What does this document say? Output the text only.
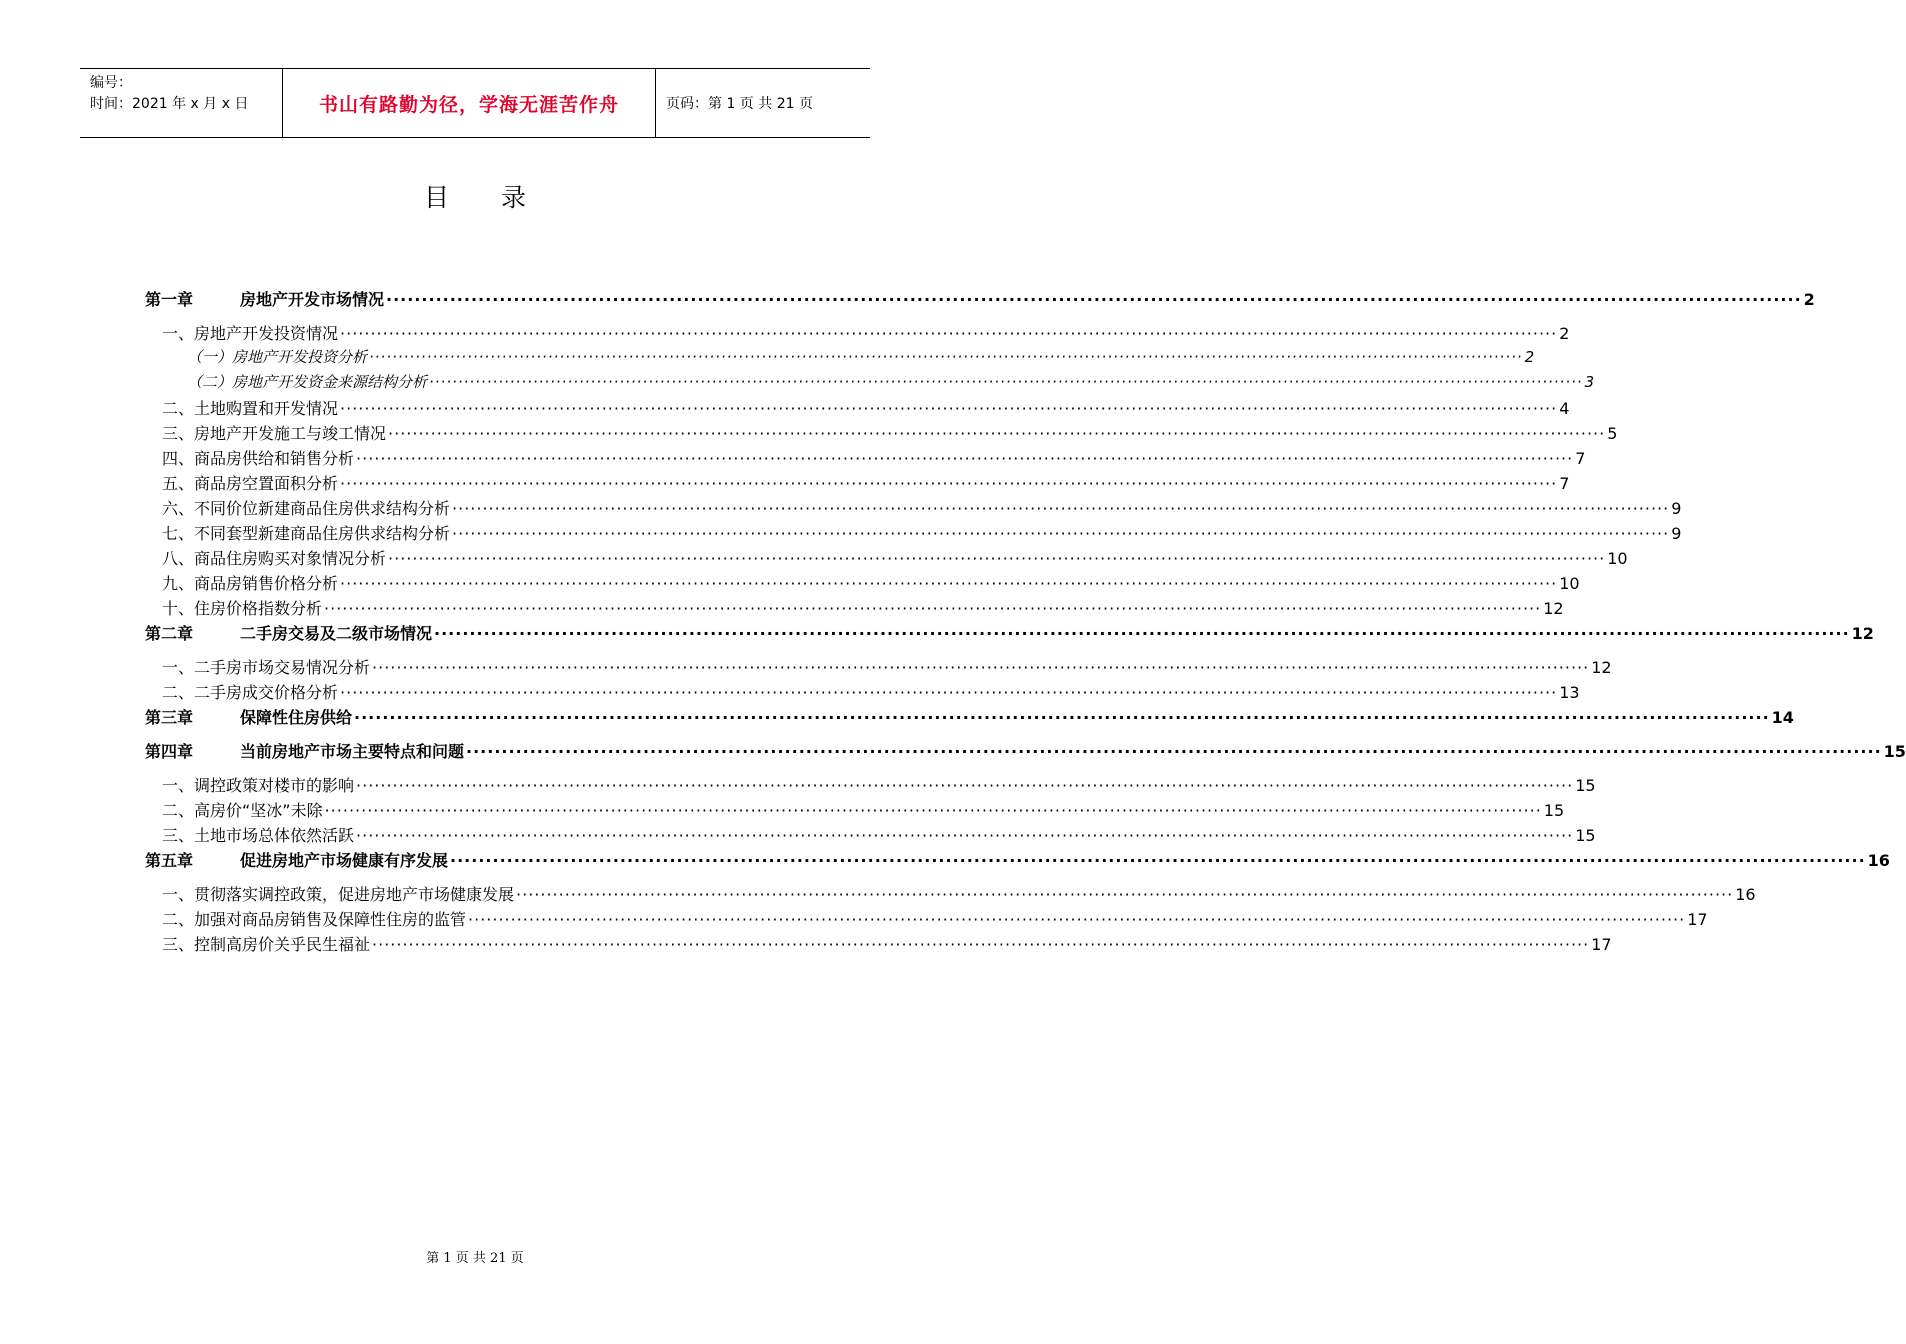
编号：
时间：2021 年 x 月 x 日	书山有路勤为径，学海无涯苦作舟	页码：第 1 页 共 21 页
目录
第一章	房地产开发市场情况 ········································································································································································································ 2
一、房地产开发投资情况 ········································································································································································································ 2
（一）房地产开发投资分析 ········································································································································································································ 2
（二）房地产开发资金来源结构分析 ········································································································································································································ 3
二、土地购置和开发情况 ········································································································································································································ 4
三、房地产开发施工与竣工情况 ········································································································································································································ 5
四、商品房供给和销售分析 ········································································································································································································ 7
五、商品房空置面积分析 ········································································································································································································ 7
六、不同价位新建商品住房供求结构分析 ········································································································································································································ 9
七、不同套型新建商品住房供求结构分析 ········································································································································································································ 9
八、商品住房购买对象情况分析 ········································································································································································································ 10
九、商品房销售价格分析 ········································································································································································································ 10
十、住房价格指数分析 ········································································································································································································ 12
第二章	二手房交易及二级市场情况 ········································································································································································································ 12
一、二手房市场交易情况分析 ········································································································································································································ 12
二、二手房成交价格分析 ········································································································································································································ 13
第三章	保障性住房供给 ········································································································································································································ 14
第四章	当前房地产市场主要特点和问题 ········································································································································································································ 15
一、调控政策对楼市的影响 ········································································································································································································ 15
二、高房价“坚冰”未除 ········································································································································································································ 15
三、土地市场总体依然活跃 ········································································································································································································ 15
第五章	促进房地产市场健康有序发展 ········································································································································································································ 16
一、贯彻落实调控政策，促进房地产市场健康发展 ········································································································································································································ 16
二、加强对商品房销售及保障性住房的监管 ········································································································································································································ 17
三、控制高房价关乎民生福祉 ········································································································································································································ 17
第 1 页 共 21 页
